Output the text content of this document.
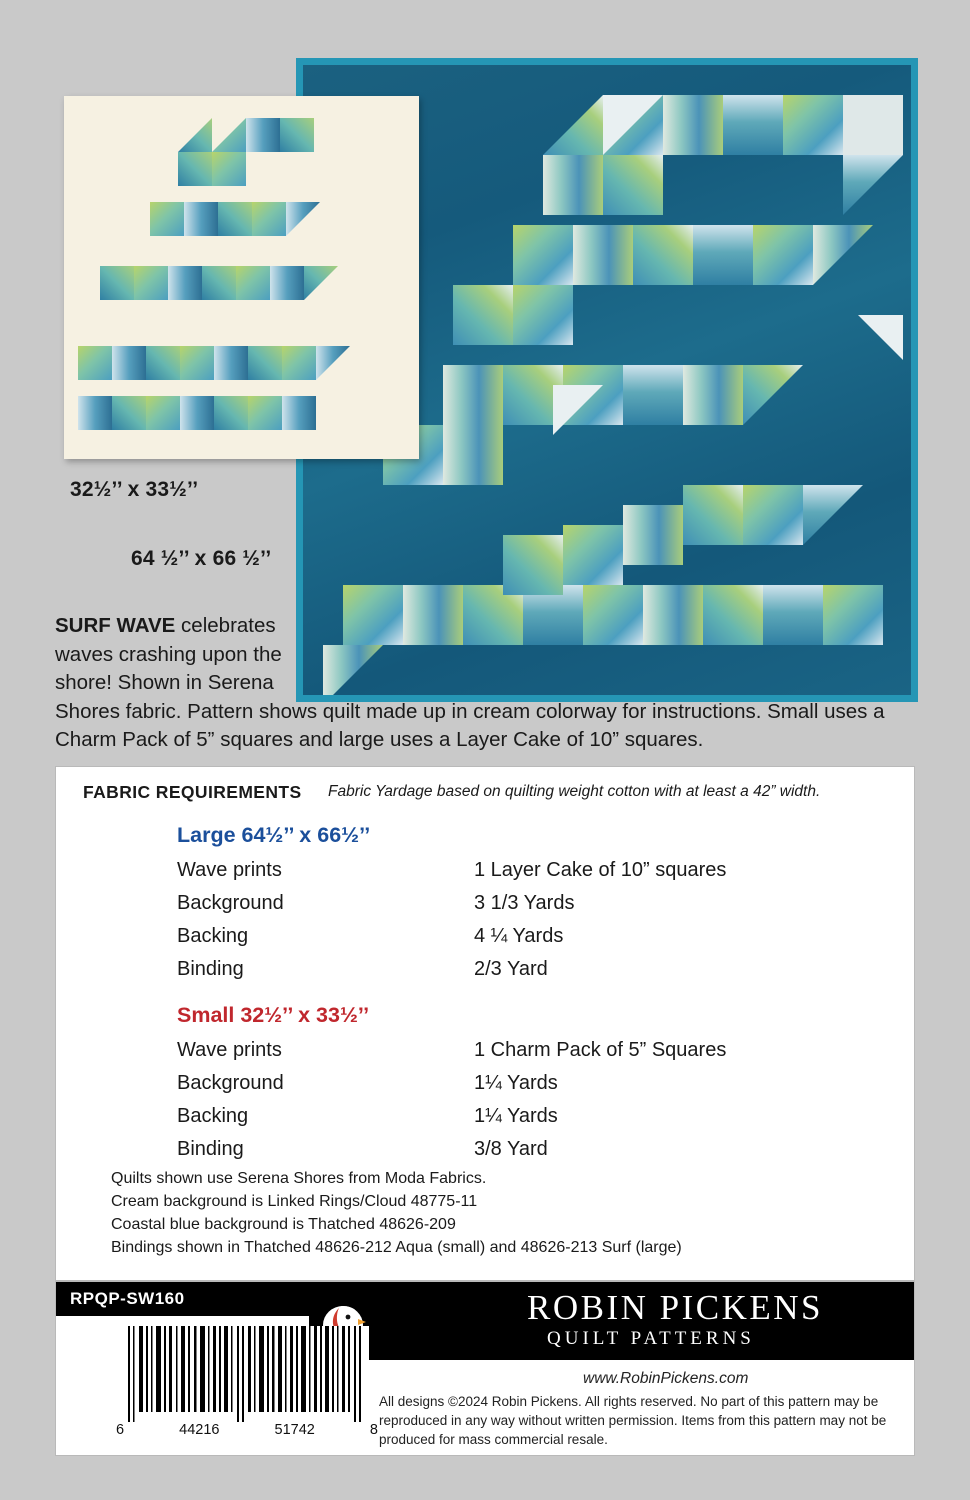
32½’’ x 33½’’
64 ½’’ x 66 ½’’
SURF WAVE celebrates
waves crashing upon the
shore! Shown in Serena
Shores fabric. Pattern shows quilt made up in cream colorway for instructions. Small uses a Charm Pack of 5” squares and large uses a Layer Cake of 10” squares.
FABRIC REQUIREMENTS Fabric Yardage based on quilting weight cotton with at least a 42” width.
Large 64½’’ x 66½’’
Wave prints	1 Layer Cake of 10” squares
Background	3 1/3 Yards
Backing	4 ¼ Yards
Binding	2/3 Yard
Small 32½’’ x 33½’’
Wave prints	1 Charm Pack of 5” Squares
Background	1¼ Yards
Backing	1¼ Yards
Binding	3/8 Yard
Quilts shown use Serena Shores from Moda Fabrics.
Cream background is Linked Rings/Cloud 48775-11
Coastal blue background is Thatched 48626-209
Bindings shown in Thatched 48626-212 Aqua (small) and 48626-213 Surf (large)
RPQP-SW160	ROBIN PICKENS
QUILT PATTERNS
www.RobinPickens.com
All designs ©2024 Robin Pickens. All rights reserved. No part of this pattern may be reproduced in any way without written permission. Items from this pattern may not be produced for mass commercial resale.
6	44216	51742	8
